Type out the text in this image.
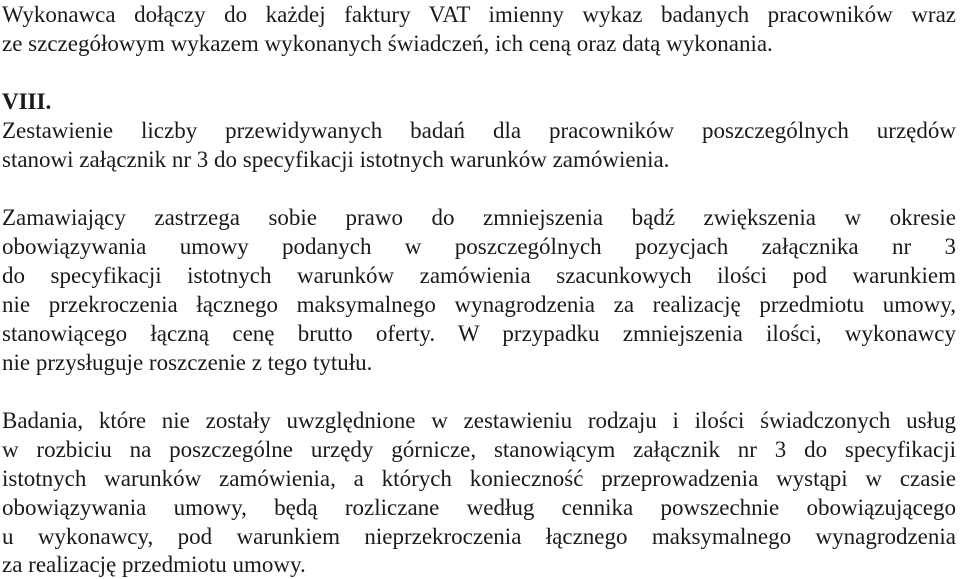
Wykonawca dołączy do każdej faktury VAT imienny wykaz badanych pracowników wraz

ze szczegółowym wykazem wykonanych świadczeń, ich ceną oraz datą wykonania.

VIII.

Zestawienie liczby przewidywanych badań dla pracowników poszczególnych urzędów

stanowi załącznik nr 3 do specyfikacji istotnych warunków zamówienia.

Zamawiający zastrzega sobie prawo do zmniejszenia bądź zwiększenia w okresie

obowiązywania umowy podanych w poszczególnych pozycjach załącznika nr 3

do specyfikacji istotnych warunków zamówienia szacunkowych ilości pod warunkiem

nie przekroczenia łącznego maksymalnego wynagrodzenia za realizację przedmiotu umowy,

stanowiącego łączną cenę brutto oferty. W przypadku zmniejszenia ilości, wykonawcy

nie przysługuje roszczenie z tego tytułu.

Badania, które nie zostały uwzględnione w zestawieniu rodzaju i ilości świadczonych usług

w rozbiciu na poszczególne urzędy górnicze, stanowiącym załącznik nr 3 do specyfikacji

istotnych warunków zamówienia, a których konieczność przeprowadzenia wystąpi w czasie

obowiązywania umowy, będą rozliczane według cennika powszechnie obowiązującego

u wykonawcy, pod warunkiem nieprzekroczenia łącznego maksymalnego wynagrodzenia

za realizację przedmiotu umowy.
